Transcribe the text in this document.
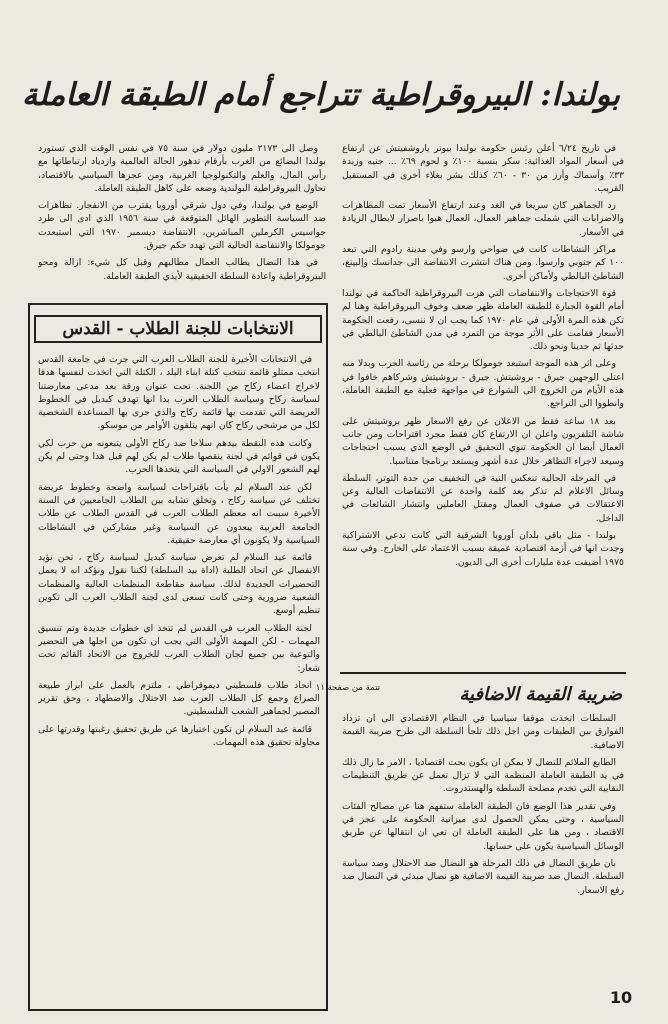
بولندا: البيروقراطية تتراجع أمام الطبقة العاملة

في تاريخ ٦/٢٤ أعلن رئيس حكومة بولندا بيوتر ياروشفيتش عن ارتفاع في أسعار المواد الغذائية: سكر بنسبة ١٠٠٪ و لحوم ٦٩٪ ... جنيه وزبدة ٣٣٪ وأسماك وأرز من ٣٠ - ٦٠٪ كذلك بشر بغلاء أخرى في المستقبل القريب.

رد الجماهير كان سريعا في الغد وعند ارتفاع الأسعار تمت المظاهرات والاضرابات التي شملت جماهير العمال، العمال هبوا باصرار لابطال الزيادة في الأسعار.

مراكز النشاطات كانت في ضواحي وارسو وفي مدينة رادوم التي تبعد ١٠٠ كم جنوبي وارسوا. ومن هناك انتشرت الانتفاضة الى جدانسك وإلبينغ، الشاطئ البالطي ولأماكن أخرى.

قوة الاحتجاجات والانتفاضات التي هزت البيروقراطية الحاكمة في بولندا أمام القوة الجبارة للطبقة العاملة ظهر ضعف وخوف البيروقراطية وهنا لم تكن هذه المرة الأولى في عام ١٩٧٠ كما يجب ان لا ننسى، رفعت الحكومة الأسعار فقامت على الأثر موجة من التمرد في مدن الشاطئ البالطي في حدثها ثم حدينا ونحو ذلك.

وعلى اثر هذه الموجة استبعد جومولكا برحلة من رئاسة الحزب وبدلا منه اعتلى الوجهين جيرق - بروشيتش. جيرق - بروشيتش وشركاهم خافوا في هذه الأيام من الخروج الى الشوارع في مواجهة فعلية مع الطبقة العاملة، وانطووا الى التراجع.

بعد ١٨ ساعة فقط من الاعلان عن رفع الاسعار ظهر بروشيتش على شاشة التلفزيون واعلن ان الارتفاع كان فقط مجرد اقتراحات ومن جانب العمال أيضا ان الحكومة تنوي التحقيق في الوضع الذي يسبب احتجاجات وسيعد لاجراء التظاهر خلال عدة أشهر ويستعد برنامجا متناسبا.

في المرحلة الحالية تنعكس النية في التخفيف من حدة التوتر، السلطة وسائل الاعلام لم تذكر بعد كلمة واحدة عن الانتفاضات العالية وعن الاعتقالات في صفوف العمال ومقتل العاملين وانتشار الشائعات في الداخل.

بولندا - مثل باقي بلدان أوروبا الشرقية التي كانت تدعي الاشتراكية وجدت انها في أزمة اقتصادية عميقة بسبب الاعتماد على الخارج. وفي سنة ١٩٧٥ أضيفت عدة مليارات أخرى الى الديون.

وصل الى ٢١٧٣ مليون دولار في سنة ٧٥ في نفس الوقت الذي تستورد بولندا البضائع من الغرب بأرقام تدهور الحالة العالمية وازدياد ارتباطاتها مع رأس المال، والعلم والتكنولوجيا الغربية، ومن عجزها السياسي بالاقتصاد، تحاول البيروقراطية البولندية وضعه على كاهل الطبقة العاملة.

الوضع في بولندا، وفي دول شرقي أوروبا يقترب من الانفجار. تظاهرات ضد السياسة التطوير الهائل المتوقعة في سنة ١٩٥٦ الذي ادى الى طرد جواسيس الكرملين المباشرين، الانتفاضة ديسمبر ١٩٧٠ التي استبعدت جومولكا والانتفاضة الحالية التي تهدد حكم جيرق.

في هذا النضال يطالب العمال مطالبهم وقبل كل شيء: ازالة ومحو البيروقراطية واعادة السلطة الحقيقية لأيدي الطبقة العاملة.

الانتخابات للجنة الطلاب - القدس

في الانتخابات الأخيرة للجنة الطلاب العرب التي جرت في جامعة القدس انتخب ممثلو قائمة تنتخب كتلة ابناء البلد ، الكتلة التي اتخذت لنفسها هدفا لاخراج اعضاء ركاح من اللجنة. تحت عنوان ورقة بعد مدعى معارضتنا لسياسة ركاح وسياسة الطلاب العرب بدا انها تهدف كبديل في الخطوط العريضة التي تقدمت بها قائمة ركاح والذي جرى بها المساعدة الشخصية لكل من مرشحي ركاح كان انهم يتلقون الأوامر من موسكو.

وكانت هذه النقطة بيدهم سلاحا ضد ركاح الأولى يتبعونه من حزب لكي يكون في قوائم في لجنة ينقصها طلاب لم يكن لهم قبل هذا وحتى لم يكن لهم الشعور الاولي في السياسة التي يتخذها الحزب.

لكن عند السلام لم يأت باقتراحات لسياسة واضحة وخطوط عريضة تختلف عن سياسة ركاح ، وتخلق تشابه بين الطلاب الجامعيين في السنة الأخيرة سببت انه معظم الطلاب العرب في القدس الطلاب عن طلاب الجامعة العربية يبعدون عن السياسة وغير مشاركين في النشاطات السياسية ولا يكونون أي معارضة حقيقية.

قائمة عبد السلام لم تعرض سياسة كبديل لسياسة ركاح ، تحن نؤيد الانفصال عن اتحاد الطلبة (اداة بيد السلطة) لكننا نقول ونؤكد انه لا يعمل التحضيرات الجديدة لذلك. سياسة مقاطعة المنظمات العالية والمنظمات الشعبية ضرورية وحتى كانت تسعى لدى لجنة الطلاب العرب الى تكوين تنظيم أوسع.

لجنة الطلاب العرب في القدس لم تتخذ اي خطوات جديدة وتم تنسيق المهمات - لكن المهمة الأولى التي يجب ان تكون من اجلها هي التحضير والتوعية بين جميع لجان الطلاب العرب للخروج من الاتحاد القائم تحت شعار:

اتحاد طلاب فلسطيني ديموقراطي ، ملتزم بالعمل على ابراز طبيعة الصراع وجمع كل الطلاب العرب ضد الاحتلال والاضطهاد ، وحق تقرير المصير لجماهير الشعب الفلسطيني.

قائمة عبد السلام لن تكون اختيارها عن طريق تحقيق رغبتها وقدرتها على محاولة تحقيق هذه المهمات.

ضريبة القيمة الاضافية
تتمة من صفحة ١١

السلطات اتخذت موقفا سياسيا في النظام الاقتصادي الى ان تزداد الفوارق بين الطبقات ومن اجل ذلك تلجأ السلطة الى طرح ضريبة القيمة الاضافية.

الطابع الملائم للنضال لا يمكن ان يكون بحت اقتصاديا ، الامر ما زال ذلك في يد الطبقة العاملة المنظمة التي لا تزال تعمل عن طريق التنظيمات النقابية التي تخدم مصلحة السلطة والهستدروت.

وفي تقدير هذا الوضع فان الطبقة العاملة ستفهم هنا عن مصالح الفئات السياسية ، وحتى يمكن الحصول لدى ميزانية الحكومة على عجز في الاقتصاد ، ومن هنا على الطبقة العاملة ان تعي ان انتقالها عن طريق الوسائل السياسية يكون على حسابها.

بان طريق النضال في ذلك المرحلة هو النضال ضد الاحتلال وضد سياسة السلطة. النضال ضد ضريبة القيمة الاضافية هو نضال مبدئي في النضال ضد رفع الاسعار.

10
